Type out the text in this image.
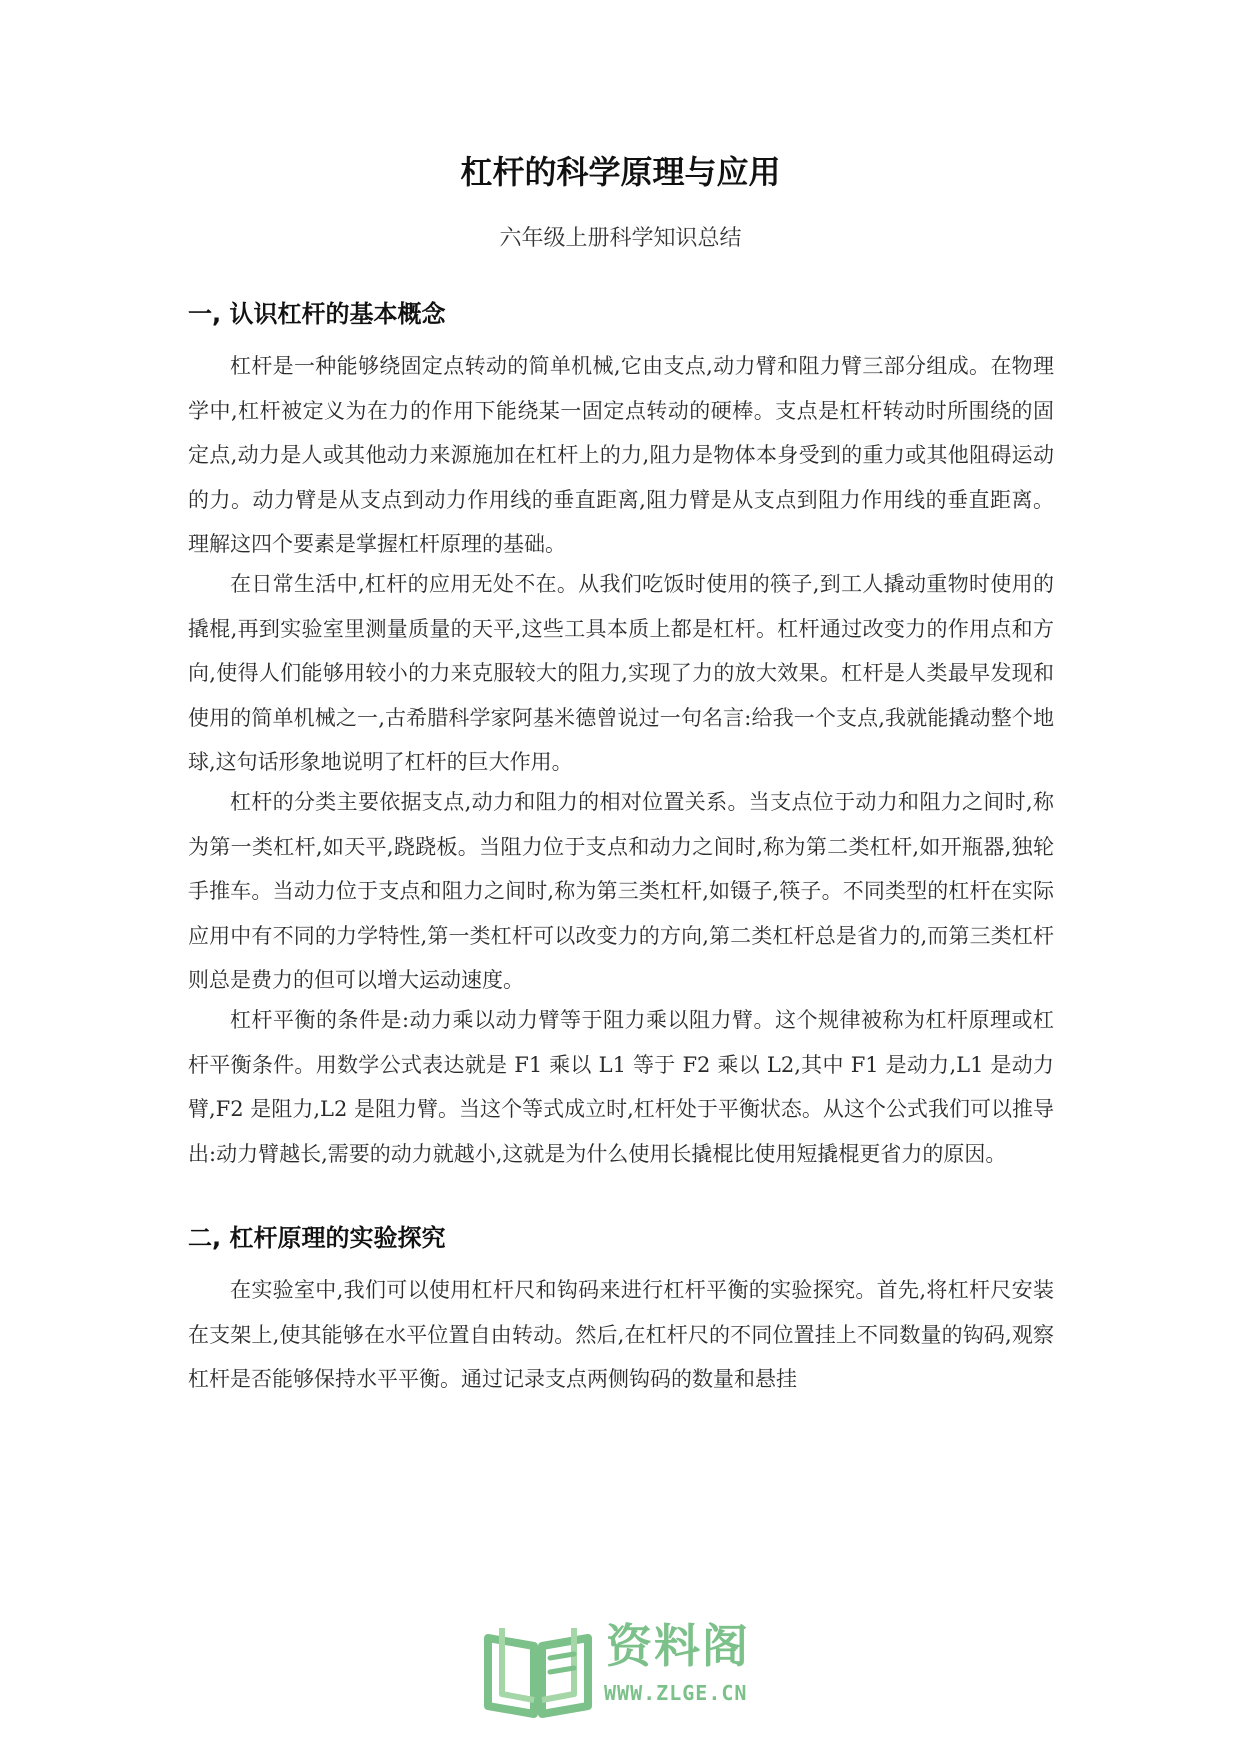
杠杆的科学原理与应用
六年级上册科学知识总结
一, 认识杠杆的基本概念

杠杆是一种能够绕固定点转动的简单机械,它由支点,动力臂和阻力臂三部分组成。在物理学中,杠杆被定义为在力的作用下能绕某一固定点转动的硬棒。支点是杠杆转动时所围绕的固定点,动力是人或其他动力来源施加在杠杆上的力,阻力是物体本身受到的重力或其他阻碍运动的力。动力臂是从支点到动力作用线的垂直距离,阻力臂是从支点到阻力作用线的垂直距离。理解这四个要素是掌握杠杆原理的基础。

在日常生活中,杠杆的应用无处不在。从我们吃饭时使用的筷子,到工人撬动重物时使用的撬棍,再到实验室里测量质量的天平,这些工具本质上都是杠杆。杠杆通过改变力的作用点和方向,使得人们能够用较小的力来克服较大的阻力,实现了力的放大效果。杠杆是人类最早发现和使用的简单机械之一,古希腊科学家阿基米德曾说过一句名言:给我一个支点,我就能撬动整个地球,这句话形象地说明了杠杆的巨大作用。

杠杆的分类主要依据支点,动力和阻力的相对位置关系。当支点位于动力和阻力之间时,称为第一类杠杆,如天平,跷跷板。当阻力位于支点和动力之间时,称为第二类杠杆,如开瓶器,独轮手推车。当动力位于支点和阻力之间时,称为第三类杠杆,如镊子,筷子。不同类型的杠杆在实际应用中有不同的力学特性,第一类杠杆可以改变力的方向,第二类杠杆总是省力的,而第三类杠杆则总是费力的但可以增大运动速度。

杠杆平衡的条件是:动力乘以动力臂等于阻力乘以阻力臂。这个规律被称为杠杆原理或杠杆平衡条件。用数学公式表达就是 F1 乘以 L1 等于 F2 乘以 L2,其中 F1 是动力,L1 是动力臂,F2 是阻力,L2 是阻力臂。当这个等式成立时,杠杆处于平衡状态。从这个公式我们可以推导出:动力臂越长,需要的动力就越小,这就是为什么使用长撬棍比使用短撬棍更省力的原因。

二, 杠杆原理的实验探究

在实验室中,我们可以使用杠杆尺和钩码来进行杠杆平衡的实验探究。首先,将杠杆尺安装在支架上,使其能够在水平位置自由转动。然后,在杠杆尺的不同位置挂上不同数量的钩码,观察杠杆是否能够保持水平平衡。通过记录支点两侧钩码的数量和悬挂

资料阁
WWW.ZLGE.CN
